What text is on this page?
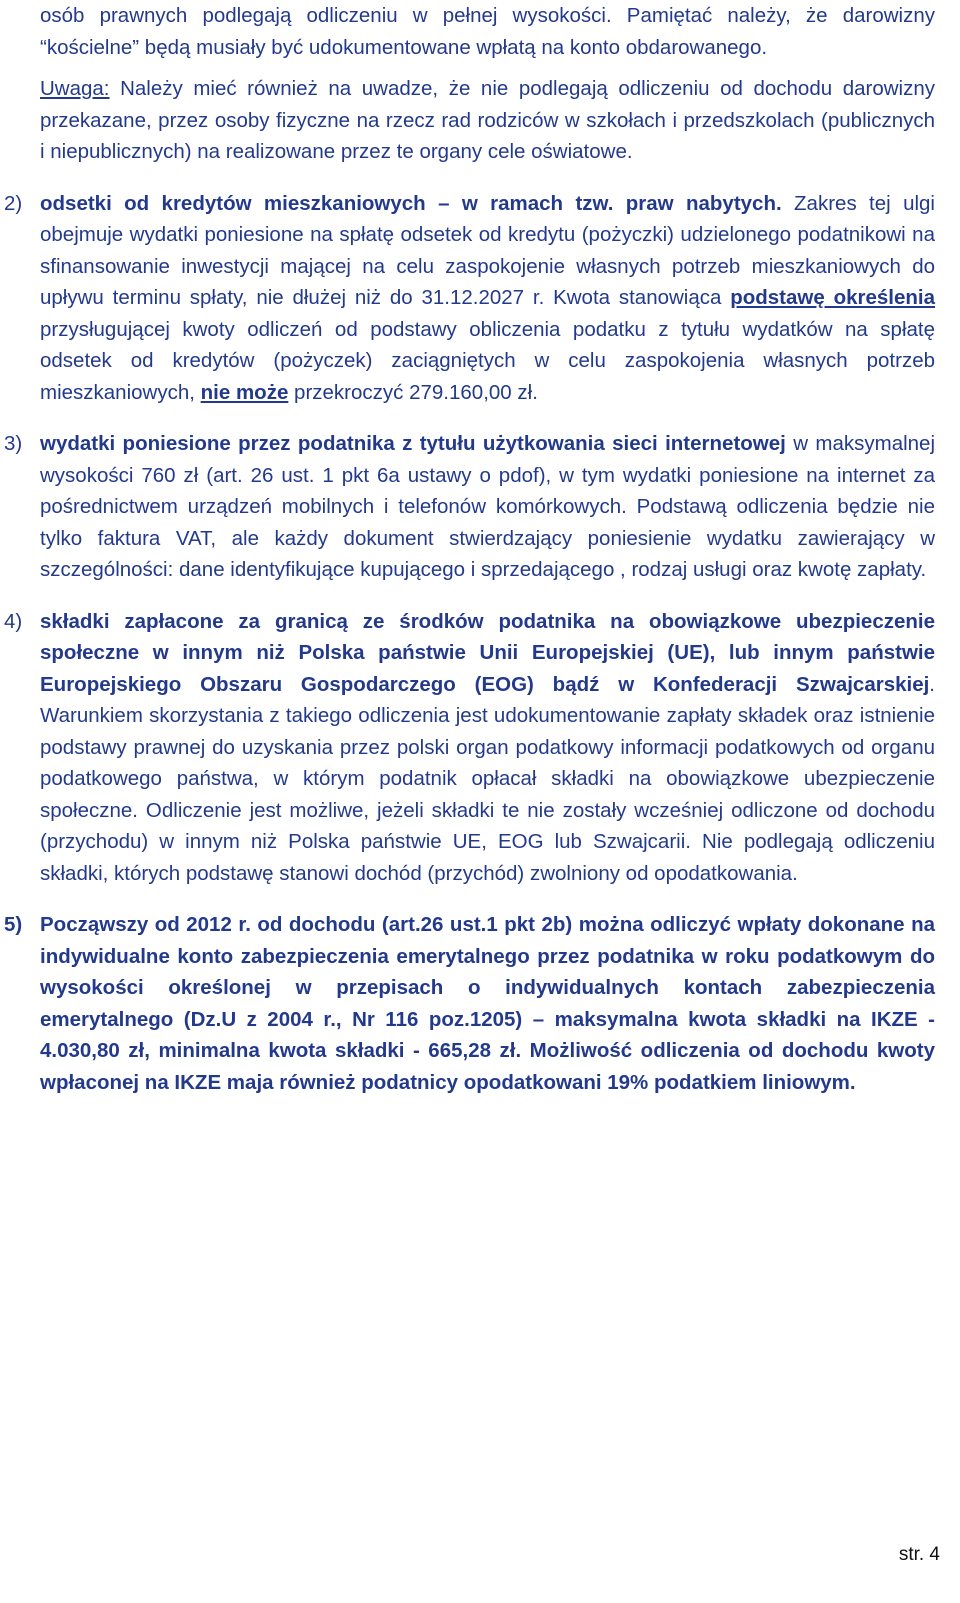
osób prawnych podlegają odliczeniu w pełnej wysokości. Pamiętać należy, że darowizny “kościelne” będą musiały być udokumentowane wpłatą na konto obdarowanego.

Uwaga: Należy mieć również na uwadze, że nie podlegają odliczeniu od dochodu darowizny przekazane, przez osoby fizyczne na rzecz rad rodziców w szkołach i przedszkolach (publicznych i niepublicznych) na realizowane przez te organy cele oświatowe.

2) odsetki od kredytów mieszkaniowych – w ramach tzw. praw nabytych. Zakres tej ulgi obejmuje wydatki poniesione na spłatę odsetek od kredytu (pożyczki) udzielonego podatnikowi na sfinansowanie inwestycji mającej na celu zaspokojenie własnych potrzeb mieszkaniowych do upływu terminu spłaty, nie dłużej niż do 31.12.2027 r. Kwota stanowiąca podstawę określenia przysługującej kwoty odliczeń od podstawy obliczenia podatku z tytułu wydatków na spłatę odsetek od kredytów (pożyczek) zaciągniętych w celu zaspokojenia własnych potrzeb mieszkaniowych, nie może przekroczyć 279.160,00 zł.
3) wydatki poniesione przez podatnika z tytułu użytkowania sieci internetowej w maksymalnej wysokości 760 zł (art. 26 ust. 1 pkt 6a ustawy o pdof), w tym wydatki poniesione na internet za pośrednictwem urządzeń mobilnych i telefonów komórkowych. Podstawą odliczenia będzie nie tylko faktura VAT, ale każdy dokument stwierdzający poniesienie wydatku zawierający w szczególności: dane identyfikujące kupującego i sprzedającego , rodzaj usługi oraz kwotę zapłaty.
4) składki zapłacone za granicą ze środków podatnika na obowiązkowe ubezpieczenie społeczne w innym niż Polska państwie Unii Europejskiej (UE), lub innym państwie Europejskiego Obszaru Gospodarczego (EOG) bądź w Konfederacji Szwajcarskiej. Warunkiem skorzystania z takiego odliczenia jest udokumentowanie zapłaty składek oraz istnienie podstawy prawnej do uzyskania przez polski organ podatkowy informacji podatkowych od organu podatkowego państwa, w którym podatnik opłacał składki na obowiązkowe ubezpieczenie społeczne. Odliczenie jest możliwe, jeżeli składki te nie zostały wcześniej odliczone od dochodu (przychodu) w innym niż Polska państwie UE, EOG lub Szwajcarii. Nie podlegają odliczeniu składki, których podstawę stanowi dochód (przychód) zwolniony od opodatkowania.
5) Począwszy od 2012 r. od dochodu (art.26 ust.1 pkt 2b) można odliczyć wpłaty dokonane na indywidualne konto zabezpieczenia emerytalnego przez podatnika w roku podatkowym do wysokości określonej w przepisach o indywidualnych kontach zabezpieczenia emerytalnego (Dz.U z 2004 r., Nr 116 poz.1205) – maksymalna kwota składki na IKZE - 4.030,80 zł, minimalna kwota składki - 665,28 zł. Możliwość odliczenia od dochodu kwoty wpłaconej na IKZE maja również podatnicy opodatkowani 19% podatkiem liniowym.
str. 4
